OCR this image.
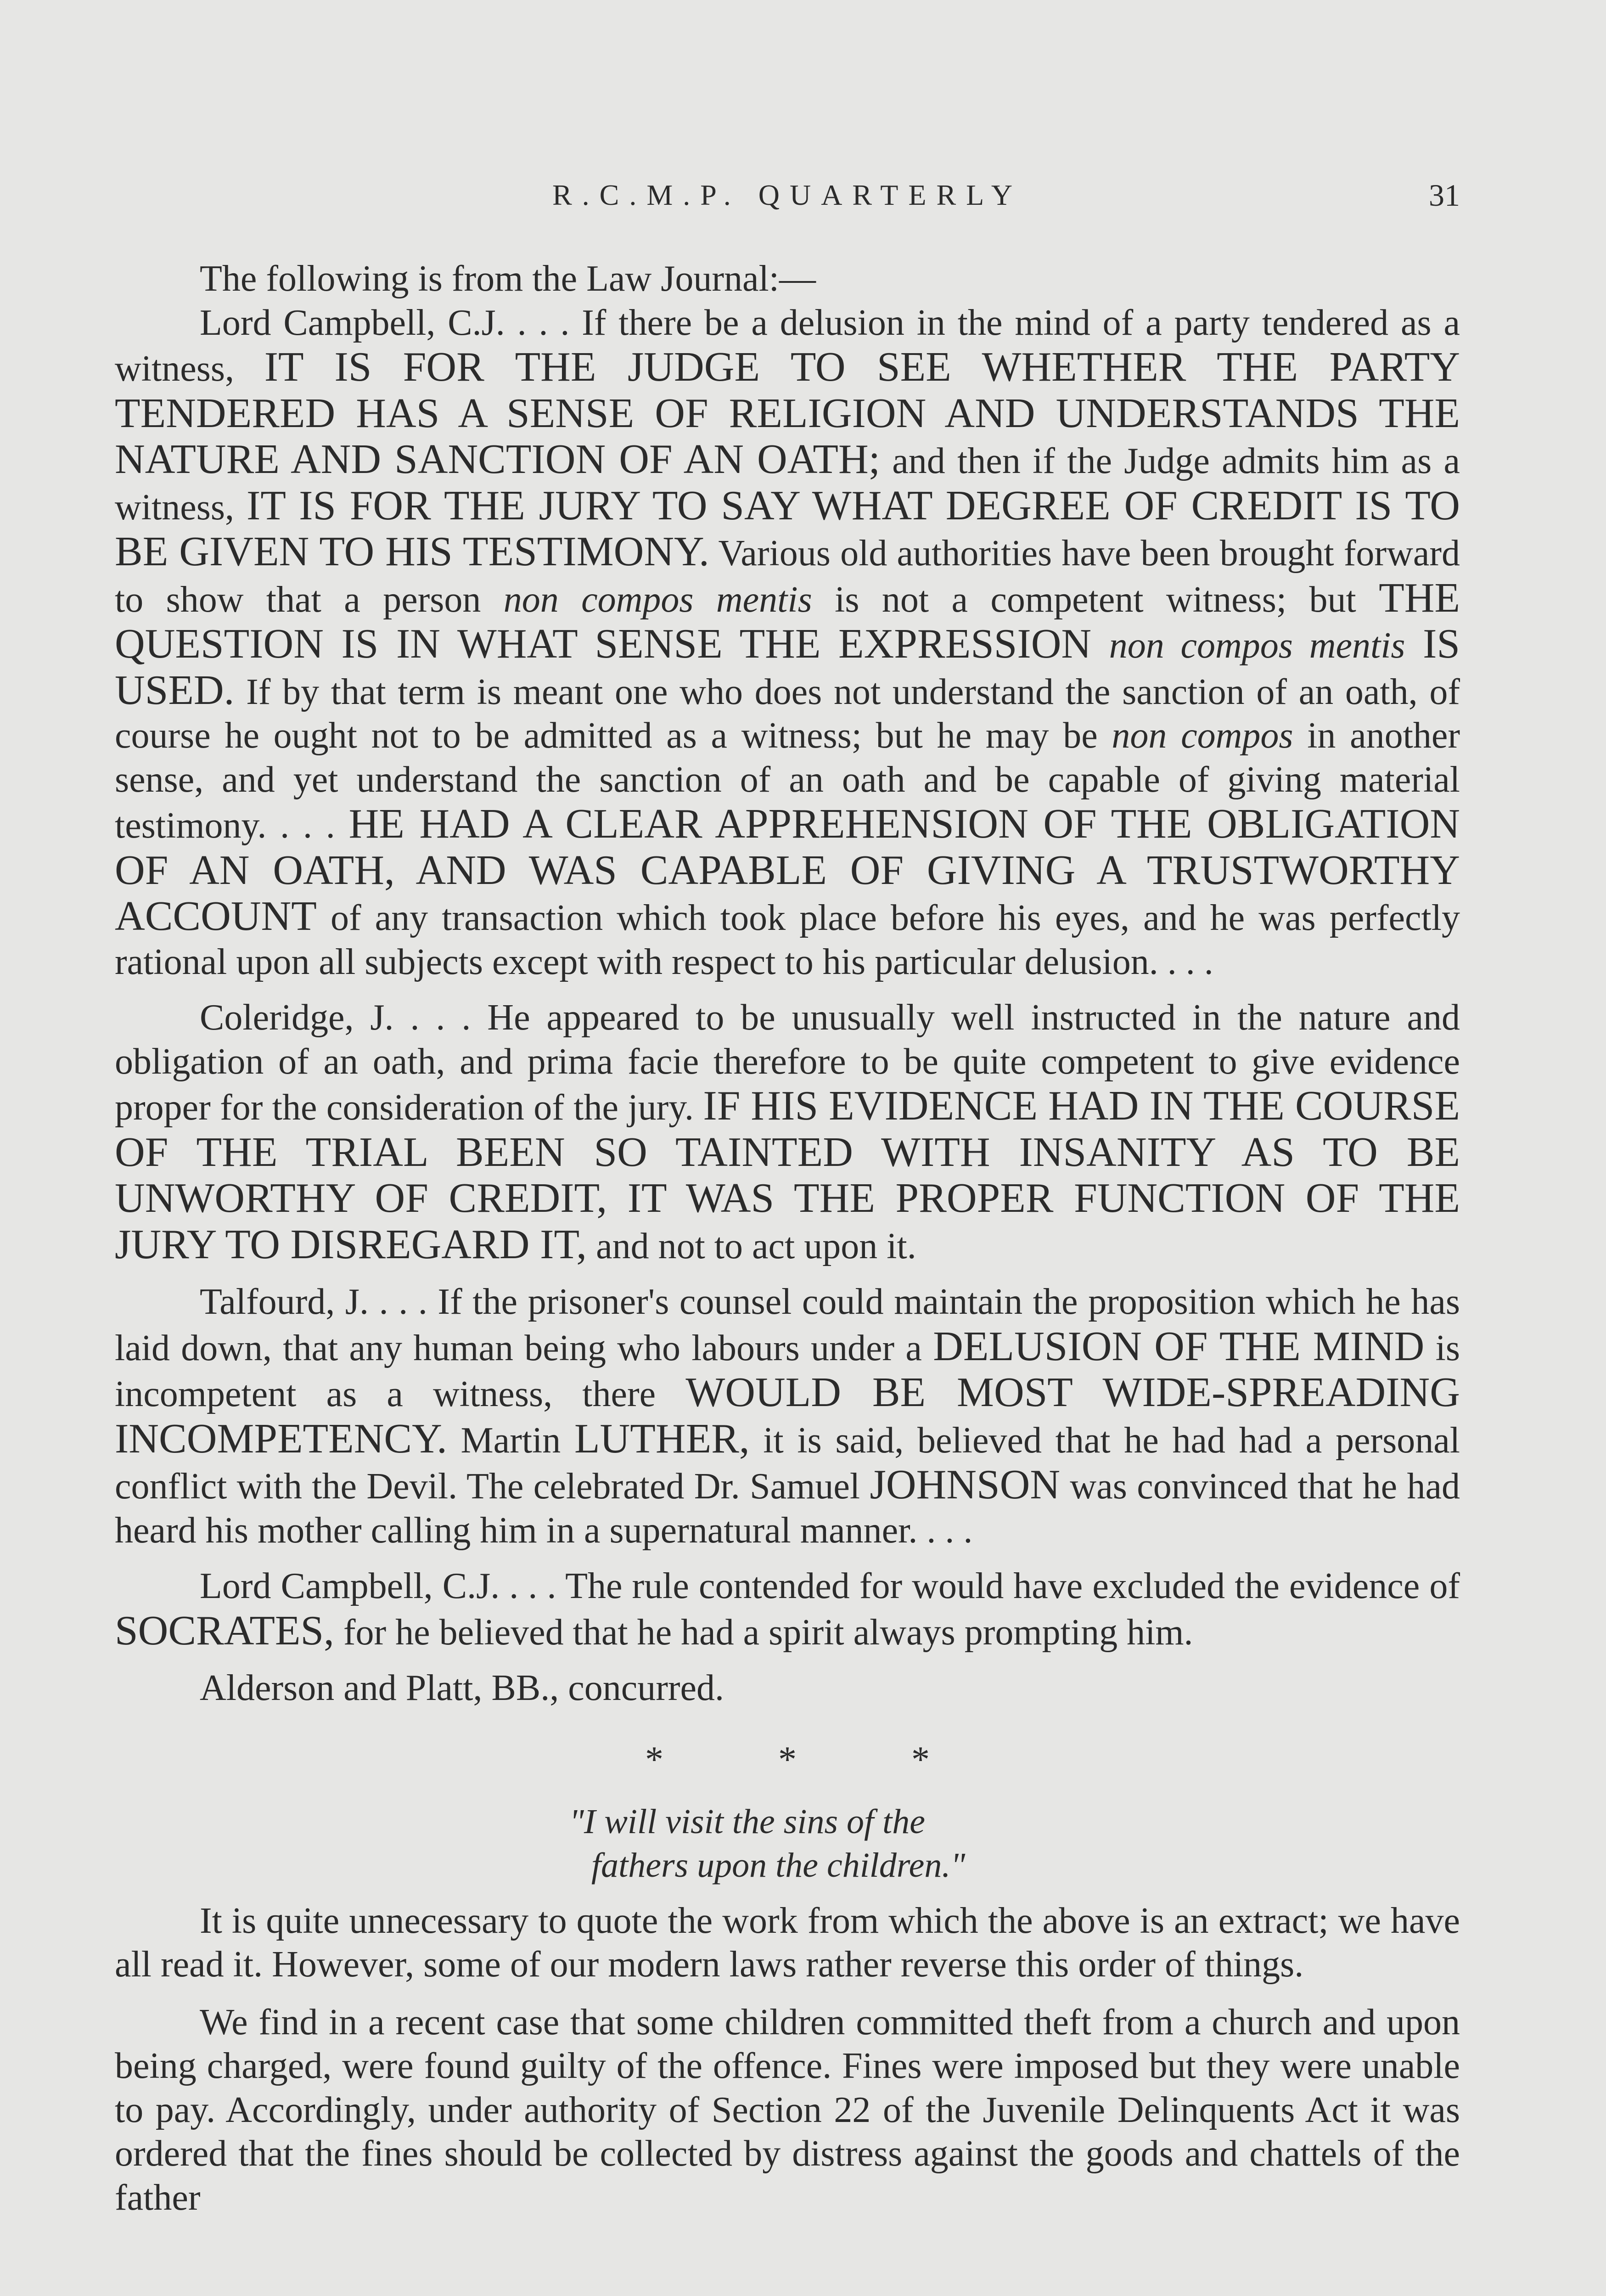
R.C.M.P. QUARTERLY	31

The following is from the Law Journal:—

Lord Campbell, C.J. . . . If there be a delusion in the mind of a party tendered as a witness, IT IS FOR THE JUDGE TO SEE WHETHER THE PARTY TENDERED HAS A SENSE OF RELIGION AND UNDERSTANDS THE NATURE AND SANCTION OF AN OATH; and then if the Judge admits him as a witness, IT IS FOR THE JURY TO SAY WHAT DEGREE OF CREDIT IS TO BE GIVEN TO HIS TESTIMONY. Various old authorities have been brought forward to show that a person non compos mentis is not a competent witness; but THE QUESTION IS IN WHAT SENSE THE EXPRESSION non compos mentis IS USED. If by that term is meant one who does not understand the sanction of an oath, of course he ought not to be admitted as a witness; but he may be non compos in another sense, and yet understand the sanction of an oath and be capable of giving material testimony. . . . HE HAD A CLEAR APPREHENSION OF THE OBLIGATION OF AN OATH, AND WAS CAPABLE OF GIVING A TRUSTWORTHY ACCOUNT of any transaction which took place before his eyes, and he was perfectly rational upon all subjects except with respect to his particular delusion. . . .

Coleridge, J. . . . He appeared to be unusually well instructed in the nature and obligation of an oath, and prima facie therefore to be quite competent to give evidence proper for the consideration of the jury. IF HIS EVIDENCE HAD IN THE COURSE OF THE TRIAL BEEN SO TAINTED WITH INSANITY AS TO BE UNWORTHY OF CREDIT, IT WAS THE PROPER FUNCTION OF THE JURY TO DISREGARD IT, and not to act upon it.

Talfourd, J. . . . If the prisoner's counsel could maintain the proposition which he has laid down, that any human being who labours under a DELUSION OF THE MIND is incompetent as a witness, there WOULD BE MOST WIDE-SPREADING INCOMPETENCY. Martin LUTHER, it is said, believed that he had had a personal conflict with the Devil. The celebrated Dr. Samuel JOHNSON was convinced that he had heard his mother calling him in a supernatural manner. . . .

Lord Campbell, C.J. . . . The rule contended for would have excluded the evidence of SOCRATES, for he believed that he had a spirit always prompting him.

Alderson and Platt, BB., concurred.

*	*	*
"I will visit the sins of the
fathers upon the children."

It is quite unnecessary to quote the work from which the above is an extract; we have all read it. However, some of our modern laws rather reverse this order of things.

We find in a recent case that some children committed theft from a church and upon being charged, were found guilty of the offence. Fines were imposed but they were unable to pay. Accordingly, under authority of Section 22 of the Juvenile Delinquents Act it was ordered that the fines should be collected by distress against the goods and chattels of the father
